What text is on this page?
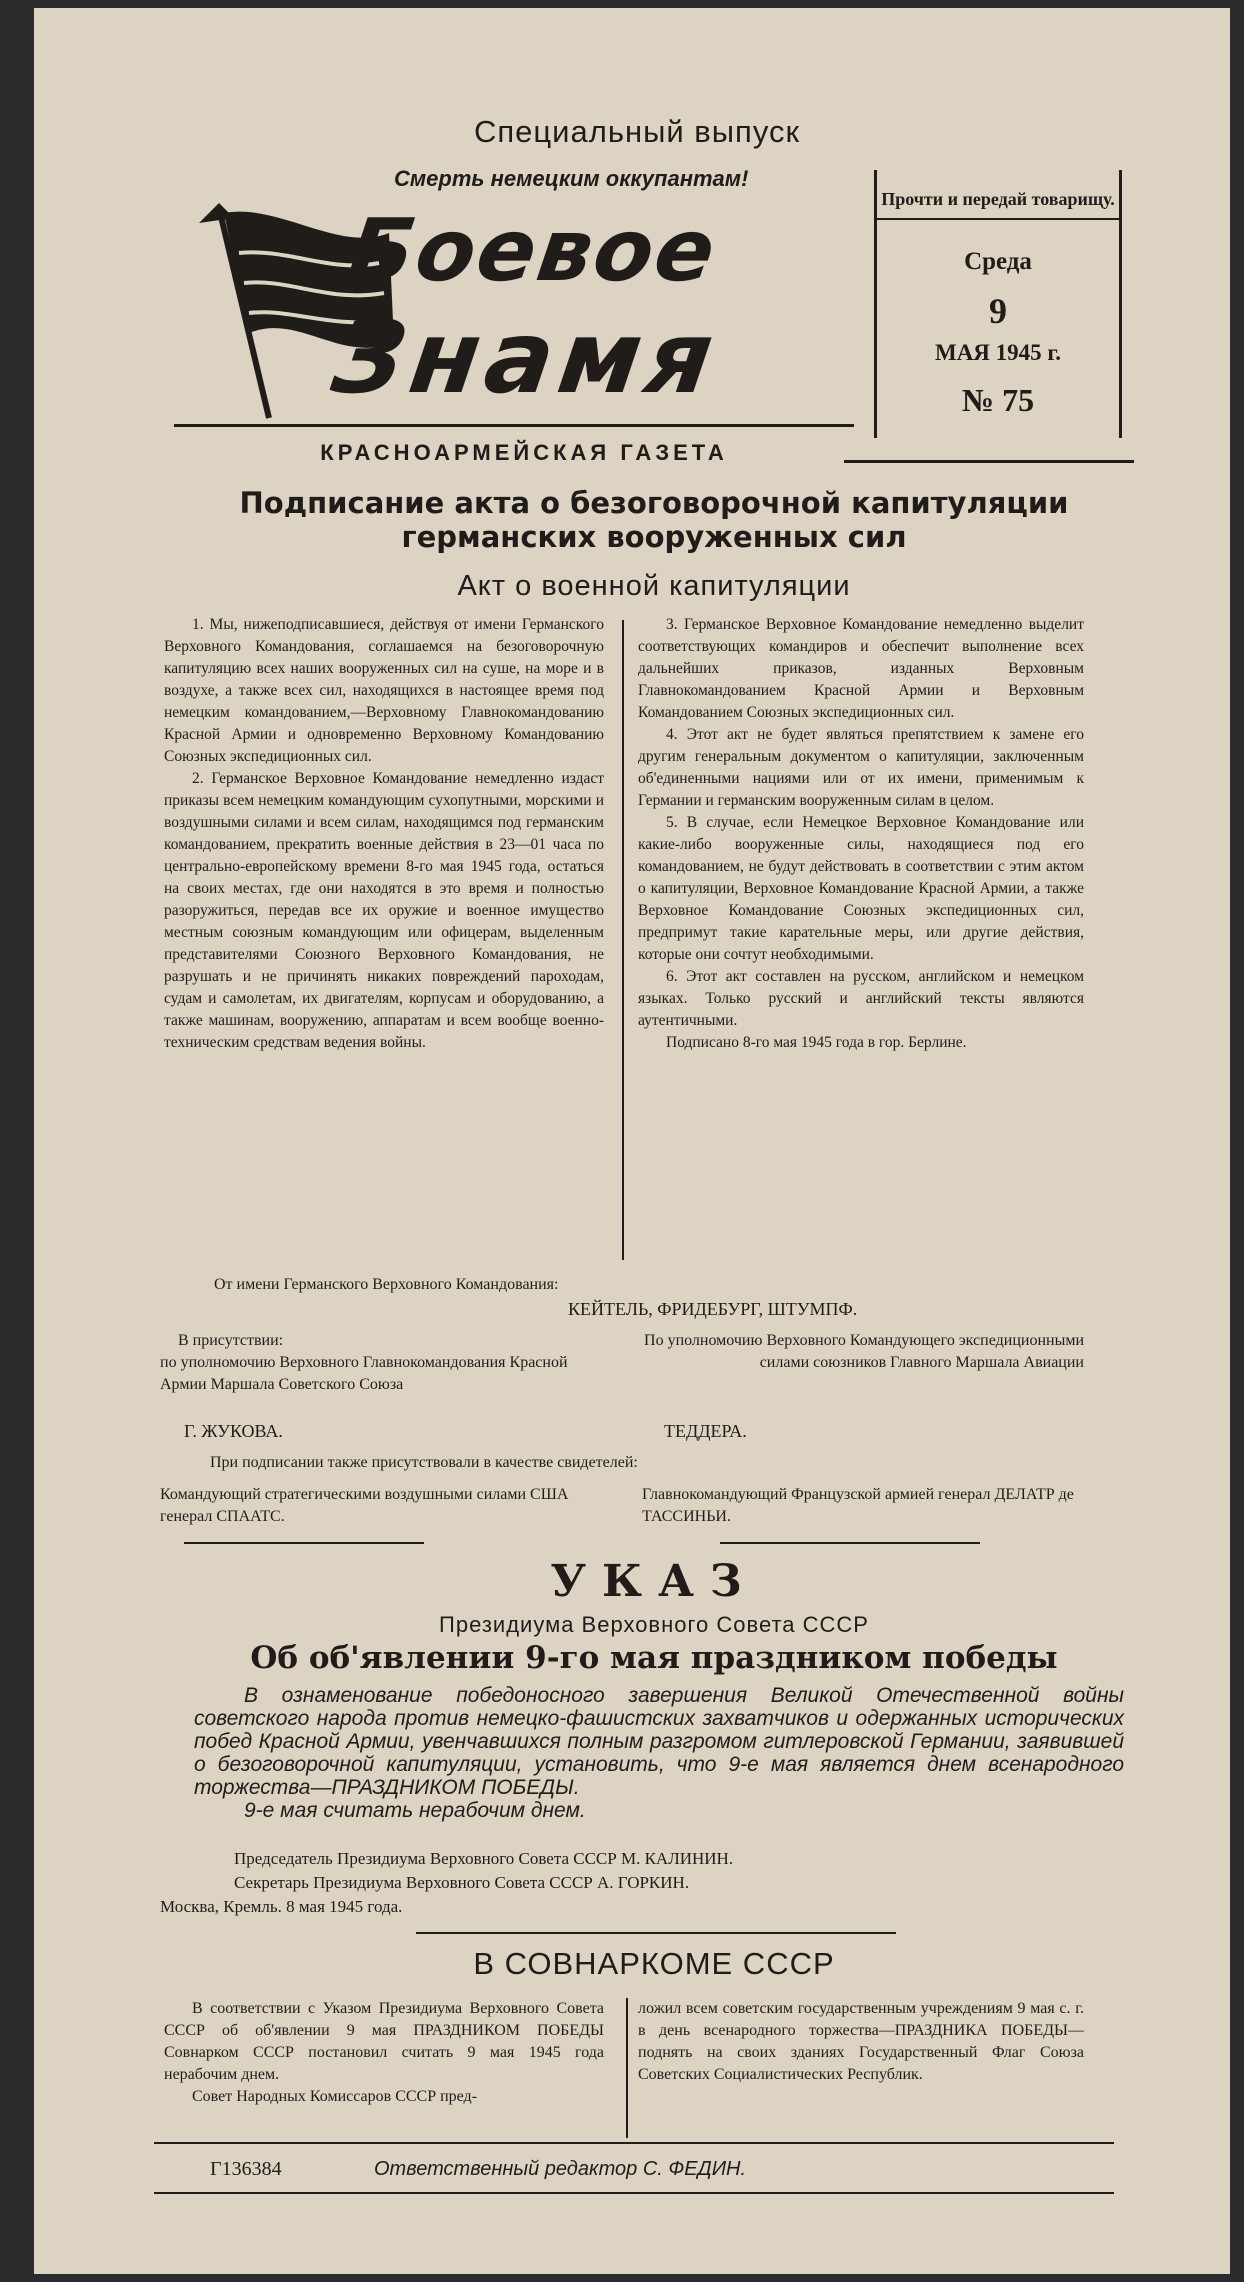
Специальный выпуск
Смерть немецким оккупантам!
Боевое
Знамя
КРАСНОАРМЕЙСКАЯ ГАЗЕТА
Прочти и передай товарищу.
Среда
9
МАЯ 1945 г.
№ 75
Подписание акта о безоговорочной капитуляции
германских вооруженных сил
Акт о военной капитуляции

1. Мы, нижеподписавшиеся, действуя от имени Германского Верховного Командования, соглашаемся на безоговорочную капитуляцию всех наших вооруженных сил на суше, на море и в воздухе, а также всех сил, находящихся в настоящее время под немецким командованием,—Верховному Главнокомандованию Красной Армии и одновременно Верховному Командованию Союзных экспедиционных сил.

2. Германское Верховное Командование немедленно издаст приказы всем немецким командующим сухопутными, морскими и воздушными силами и всем силам, находящимся под германским командованием, прекратить военные действия в 23—01 часа по центрально-европейскому времени 8-го мая 1945 года, остаться на своих местах, где они находятся в это время и полностью разоружиться, передав все их оружие и военное имущество местным союзным командующим или офицерам, выделенным представителями Союзного Верховного Командования, не разрушать и не причинять никаких повреждений пароходам, судам и самолетам, их двигателям, корпусам и оборудованию, а также машинам, вооружению, аппаратам и всем вообще военно-техническим средствам ведения войны.

3. Германское Верховное Командование немедленно выделит соответствующих командиров и обеспечит выполнение всех дальнейших приказов, изданных Верховным Главнокомандованием Красной Армии и Верховным Командованием Союзных экспедиционных сил.

4. Этот акт не будет являться препятствием к замене его другим генеральным документом о капитуляции, заключенным об'единенными нациями или от их имени, применимым к Германии и германским вооруженным силам в целом.

5. В случае, если Немецкое Верховное Командование или какие-либо вооруженные силы, находящиеся под его командованием, не будут действовать в соответствии с этим актом о капитуляции, Верховное Командование Красной Армии, а также Верховное Командование Союзных экспедиционных сил, предпримут такие карательные меры, или другие действия, которые они сочтут необходимыми.

6. Этот акт составлен на русском, английском и немецком языках. Только русский и английский тексты являются аутентичными.

Подписано 8-го мая 1945 года в гор. Берлине.

От имени Германского Верховного Командования:
КЕЙТЕЛЬ, ФРИДЕБУРГ, ШТУМПФ.
В присутствии:
по уполномочию Верховного Главнокомандования Красной Армии Маршала Советского Союза
Г. ЖУКОВА.
По уполномочию Верховного Командующего экспедиционными силами союзников Главного Маршала Авиации
ТЕДДЕРА.
При подписании также присутствовали в качестве свидетелей:
Командующий стратегическими воздушными силами США генерал СПААТС.
Главнокомандующий Французской армией генерал ДЕЛАТР де ТАССИНЬИ.
УКАЗ
Президиума Верховного Совета СССР
Об об'явлении 9-го мая праздником победы

В ознаменование победоносного завершения Великой Отечественной войны советского народа против немецко-фашистских захватчиков и одержанных исторических побед Красной Армии, увенчавшихся полным разгромом гитлеровской Германии, заявившей о безоговорочной капитуляции, установить, что 9-е мая является днем всенародного торжества—ПРАЗДНИКОМ ПОБЕДЫ.

9-е мая считать нерабочим днем.

Председатель Президиума Верховного Совета СССР М. КАЛИНИН.
Секретарь Президиума Верховного Совета СССР А. ГОРКИН.
Москва, Кремль. 8 мая 1945 года.
В СОВНАРКОМЕ СССР

В соответствии с Указом Президиума Верховного Совета СССР об об'явлении 9 мая ПРАЗДНИКОМ ПОБЕДЫ Совнарком СССР постановил считать 9 мая 1945 года нерабочим днем.

Совет Народных Комиссаров СССР пред-

ложил всем советским государственным учреждениям 9 мая с. г. в день всенародного торжества—ПРАЗДНИКА ПОБЕДЫ—поднять на своих зданиях Государственный Флаг Союза Советских Социалистических Республик.

Г136384	Ответственный редактор С. ФЕДИН.
